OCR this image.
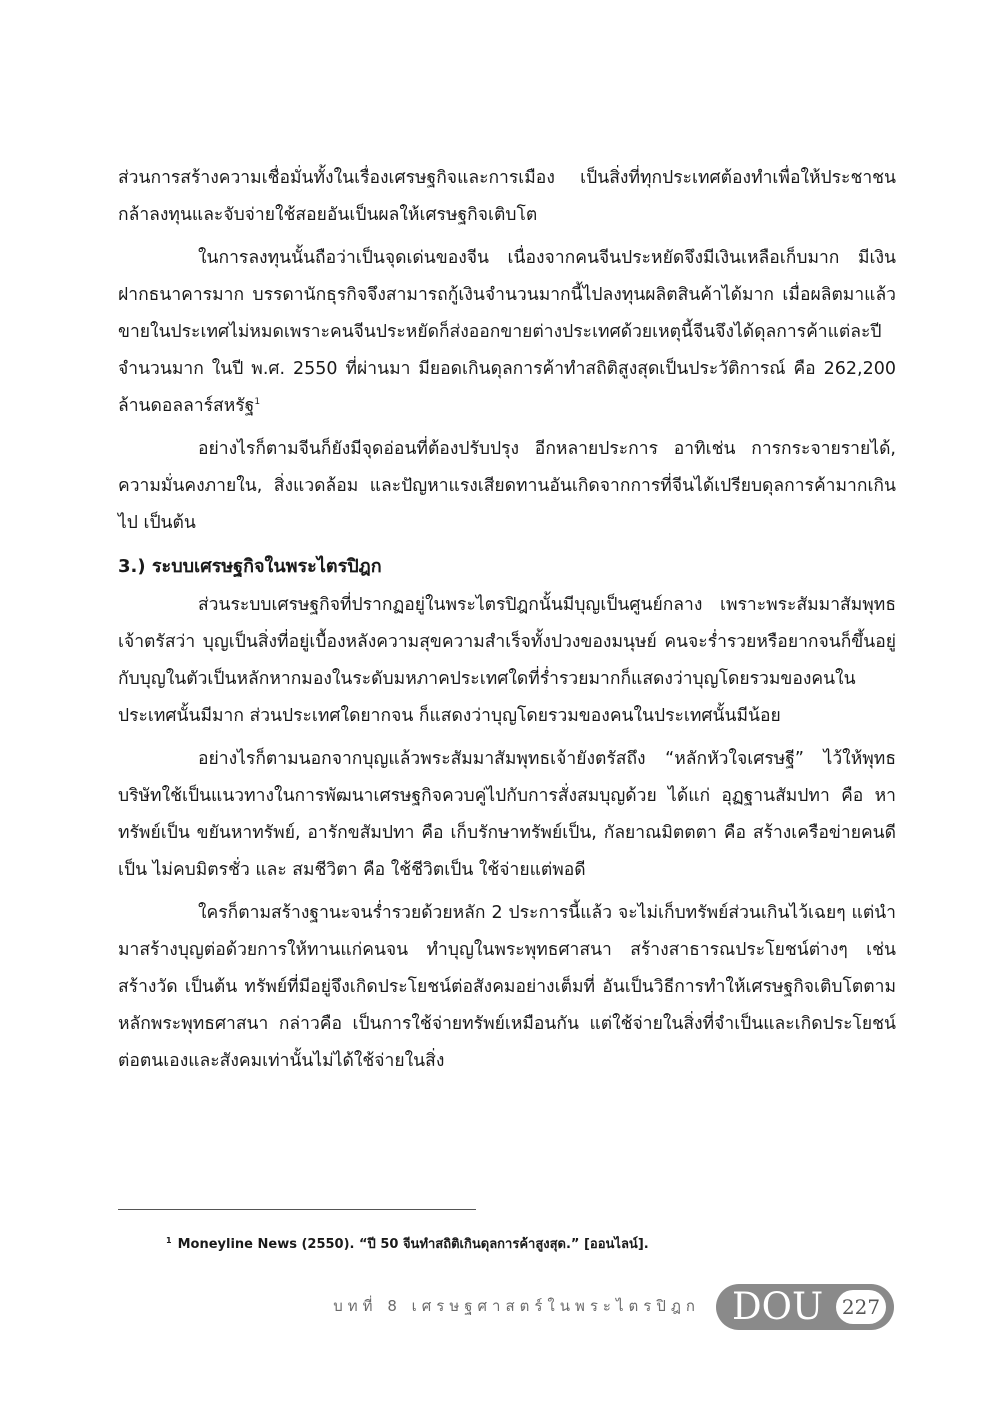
ส่วนการสร้างความเชื่อมั่นทั้งในเรื่องเศรษฐกิจและการเมือง เป็นสิ่งที่ทุกประเทศต้องทำเพื่อให้ประชาชนกล้าลงทุนและจับจ่ายใช้สอยอันเป็นผลให้เศรษฐกิจเติบโต

ในการลงทุนนั้นถือว่าเป็นจุดเด่นของจีน เนื่องจากคนจีนประหยัดจึงมีเงินเหลือเก็บมาก มีเงินฝากธนาคารมาก บรรดานักธุรกิจจึงสามารถกู้เงินจำนวนมากนี้ไปลงทุนผลิตสินค้าได้มาก เมื่อผลิตมาแล้วขายในประเทศไม่หมดเพราะคนจีนประหยัดก็ส่งออกขายต่างประเทศด้วยเหตุนี้จีนจึงได้ดุลการค้าแต่ละปีจำนวนมาก ในปี พ.ศ. 2550 ที่ผ่านมา มียอดเกินดุลการค้าทำสถิติสูงสุดเป็นประวัติการณ์ คือ 262,200 ล้านดอลลาร์สหรัฐ$^1$

อย่างไรก็ตามจีนก็ยังมีจุดอ่อนที่ต้องปรับปรุง อีกหลายประการ อาทิเช่น การกระจายรายได้, ความมั่นคงภายใน, สิ่งแวดล้อม และปัญหาแรงเสียดทานอันเกิดจากการที่จีนได้เปรียบดุลการค้ามากเกินไป เป็นต้น

3.) ระบบเศรษฐกิจในพระไตรปิฎก

ส่วนระบบเศรษฐกิจที่ปรากฏอยู่ในพระไตรปิฎกนั้นมีบุญเป็นศูนย์กลาง เพราะพระสัมมาสัมพุทธเจ้าตรัสว่า บุญเป็นสิ่งที่อยู่เบื้องหลังความสุขความสำเร็จทั้งปวงของมนุษย์ คนจะร่ำรวยหรือยากจนก็ขึ้นอยู่กับบุญในตัวเป็นหลักหากมองในระดับมหภาคประเทศใดที่ร่ำรวยมากก็แสดงว่าบุญโดยรวมของคนในประเทศนั้นมีมาก ส่วนประเทศใดยากจน ก็แสดงว่าบุญโดยรวมของคนในประเทศนั้นมีน้อย

อย่างไรก็ตามนอกจากบุญแล้วพระสัมมาสัมพุทธเจ้ายังตรัสถึง “หลักหัวใจเศรษฐี” ไว้ให้พุทธบริษัทใช้เป็นแนวทางในการพัฒนาเศรษฐกิจควบคู่ไปกับการสั่งสมบุญด้วย ได้แก่ อุฏฐานสัมปทา คือ หาทรัพย์เป็น ขยันหาทรัพย์, อารักขสัมปทา คือ เก็บรักษาทรัพย์เป็น, กัลยาณมิตตตา คือ สร้างเครือข่ายคนดีเป็น ไม่คบมิตรชั่ว และ สมชีวิตา คือ ใช้ชีวิตเป็น ใช้จ่ายแต่พอดี

ใครก็ตามสร้างฐานะจนร่ำรวยด้วยหลัก 2 ประการนี้แล้ว จะไม่เก็บทรัพย์ส่วนเกินไว้เฉยๆ แต่นำมาสร้างบุญต่อด้วยการให้ทานแก่คนจน ทำบุญในพระพุทธศาสนา สร้างสาธารณประโยชน์ต่างๆ เช่น สร้างวัด เป็นต้น ทรัพย์ที่มีอยู่จึงเกิดประโยชน์ต่อสังคมอย่างเต็มที่ อันเป็นวิธีการทำให้เศรษฐกิจเติบโตตามหลักพระพุทธศาสนา กล่าวคือ เป็นการใช้จ่ายทรัพย์เหมือนกัน แต่ใช้จ่ายในสิ่งที่จำเป็นและเกิดประโยชน์ต่อตนเองและสังคมเท่านั้นไม่ได้ใช้จ่ายในสิ่ง

$^1$ Moneyline News (2550). “ปี 50 จีนทำสถิติเกินดุลการค้าสูงสุด.” [ออนไลน์].
บทที่ 8 เศรษฐศาสตร์ในพระไตรปิฎก DOU 227
